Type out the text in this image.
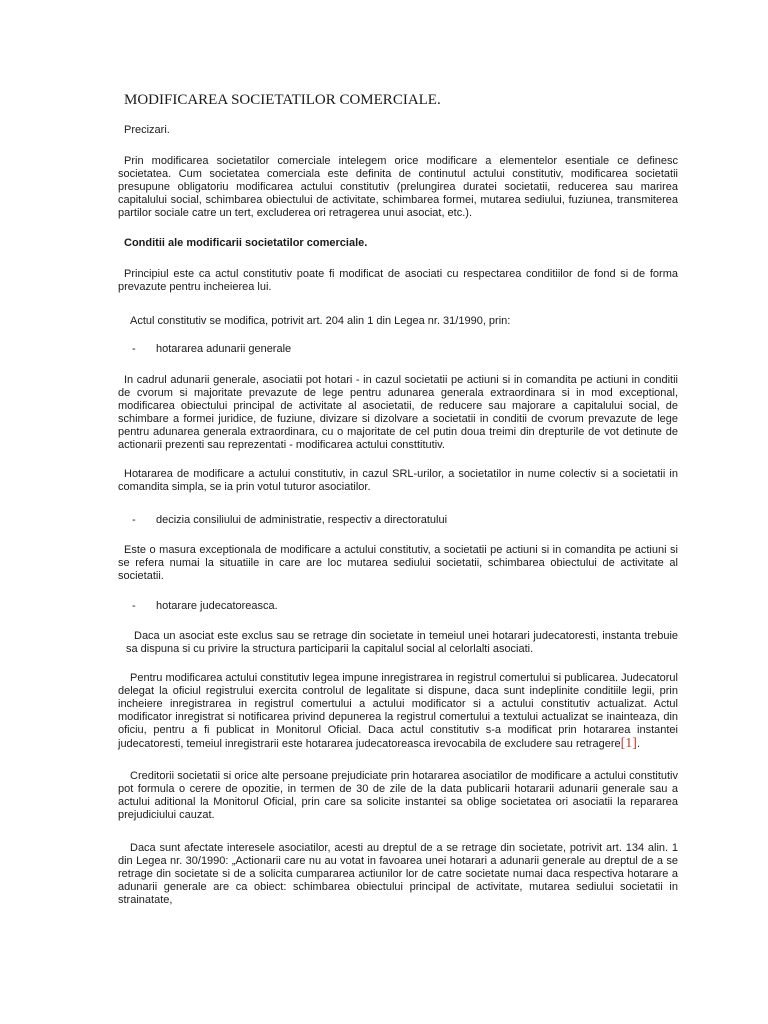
MODIFICAREA SOCIETATILOR COMERCIALE.
Precizari.

Prin modificarea societatilor comerciale intelegem orice modificare a elementelor esentiale ce definesc societatea. Cum societatea comerciala este definita de continutul actului constitutiv, modificarea societatii presupune obligatoriu modificarea actului constitutiv (prelungirea duratei societatii, reducerea sau marirea capitalului social, schimbarea obiectului de activitate, schimbarea formei, mutarea sediului, fuziunea, transmiterea partilor sociale catre un tert, excluderea ori retragerea unui asociat, etc.).

Conditii ale modificarii societatilor comerciale.

Principiul este ca actul constitutiv poate fi modificat de asociati cu respectarea conditiilor de fond si de forma prevazute pentru incheierea lui.

Actul constitutiv se modifica, potrivit art. 204 alin 1 din Legea nr. 31/1990, prin:

- hotararea adunarii generale

In cadrul adunarii generale, asociatii pot hotari - in cazul societatii pe actiuni si in comandita pe actiuni in conditii de cvorum si majoritate prevazute de lege pentru adunarea generala extraordinara si in mod exceptional, modificarea obiectului principal de activitate al asocietatii, de reducere sau majorare a capitalului social, de schimbare a formei juridice, de fuziune, divizare si dizolvare a societatii in conditii de cvorum prevazute de lege pentru adunarea generala extraordinara, cu o majoritate de cel putin doua treimi din drepturile de vot detinute de actionarii prezenti sau reprezentati - modificarea actului consttitutiv.

Hotararea de modificare a actului constitutiv, in cazul SRL-urilor, a societatilor in nume colectiv si a societatii in comandita simpla, se ia prin votul tuturor asociatilor.

- decizia consiliului de administratie, respectiv a directoratului

Este o masura exceptionala de modificare a actului constitutiv, a societatii pe actiuni si in comandita pe actiuni si se refera numai la situatiile in care are loc mutarea sediului societatii, schimbarea obiectului de activitate al societatii.

- hotarare judecatoreasca.

Daca un asociat este exclus sau se retrage din societate in temeiul unei hotarari judecatoresti, instanta trebuie sa dispuna si cu privire la structura participarii la capitalul social al celorlalti asociati.

Pentru modificarea actului constitutiv legea impune inregistrarea in registrul comertului si publicarea. Judecatorul delegat la oficiul registrului exercita controlul de legalitate si dispune, daca sunt indeplinite conditiile legii, prin incheiere inregistrarea in registrul comertului a actului modificator si a actului constitutiv actualizat. Actul modificator inregistrat si notificarea privind depunerea la registrul comertului a textului actualizat se inainteaza, din oficiu, pentru a fi publicat in Monitorul Oficial. Daca actul constitutiv s-a modificat prin hotararea instantei judecatoresti, temeiul inregistrarii este hotararea judecatoreasca irevocabila de excludere sau retragere[1].

Creditorii societatii si orice alte persoane prejudiciate prin hotararea asociatilor de modificare a actului constitutiv pot formula o cerere de opozitie, in termen de 30 de zile de la data publicarii hotararii adunarii generale sau a actului aditional la Monitorul Oficial, prin care sa solicite instantei sa oblige societatea ori asociatii la repararea prejudiciului cauzat.

Daca sunt afectate interesele asociatilor, acesti au dreptul de a se retrage din societate, potrivit art. 134 alin. 1 din Legea nr. 30/1990: „Actionarii care nu au votat in favoarea unei hotarari a adunarii generale au dreptul de a se retrage din societate si de a solicita cumpararea actiunilor lor de catre societate numai daca respectiva hotarare a adunarii generale are ca obiect: schimbarea obiectului principal de activitate, mutarea sediului societatii in strainatate,
